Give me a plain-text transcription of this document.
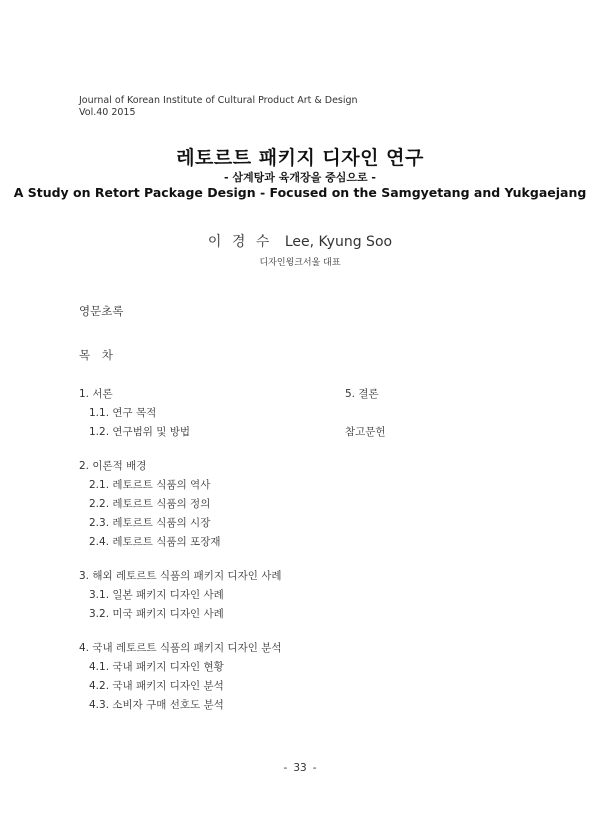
Journal of Korean Institute of Cultural Product Art & Design
Vol.40 2015
레토르트 패키지 디자인 연구
- 삼계탕과 육개장을 중심으로 -
A Study on Retort Package Design - Focused on the Samgyetang and Yukgaejang
이 경 수 Lee, Kyung Soo
디자인윙크서울 대표
영문초록
목 차
1. 서론
1.1. 연구 목적
1.2. 연구범위 및 방법
2. 이론적 배경
2.1. 레토르트 식품의 역사
2.2. 레토르트 식품의 정의
2.3. 레토르트 식품의 시장
2.4. 레토르트 식품의 포장재
3. 해외 레토르트 식품의 패키지 디자인 사례
3.1. 일본 패키지 디자인 사례
3.2. 미국 패키지 디자인 사례
4. 국내 레토르트 식품의 패키지 디자인 분석
4.1. 국내 패키지 디자인 현황
4.2. 국내 패키지 디자인 분석
4.3. 소비자 구매 선호도 분석
5. 결론
참고문헌
- 33 -
